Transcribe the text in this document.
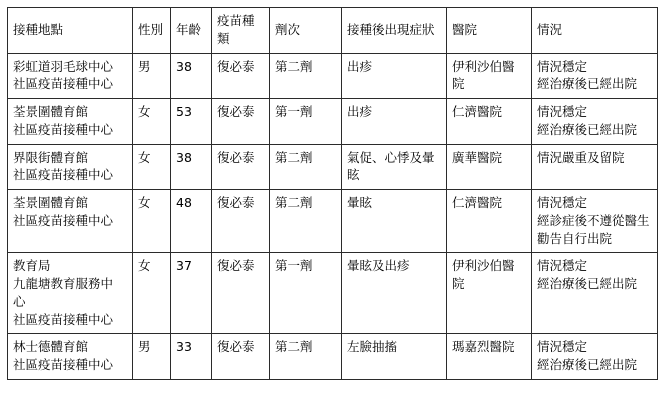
接種地點	性別	年齡	疫苗種類	劑次	接種後出現症狀	醫院	情況

彩虹道羽毛球中心
社區疫苗接種中心	男	38	復必泰	第二劑	出疹	伊利沙伯醫院	情況穩定
經治療後已經出院

荃景圍體育館
社區疫苗接種中心	女	53	復必泰	第一劑	出疹	仁濟醫院	情況穩定
經治療後已經出院

界限街體育館
社區疫苗接種中心	女	38	復必泰	第二劑	氣促、心悸及暈
眩	廣華醫院	情況嚴重及留院

荃景圍體育館
社區疫苗接種中心	女	48	復必泰	第二劑	暈眩	仁濟醫院	情況穩定
經診症後不遵從醫生
勸告自行出院

教育局
九龍塘教育服務中
心
社區疫苗接種中心	女	37	復必泰	第一劑	暈眩及出疹	伊利沙伯醫院	情況穩定
經治療後已經出院

林士德體育館
社區疫苗接種中心	男	33	復必泰	第二劑	左臉抽搐	瑪嘉烈醫院	情況穩定
經治療後已經出院
